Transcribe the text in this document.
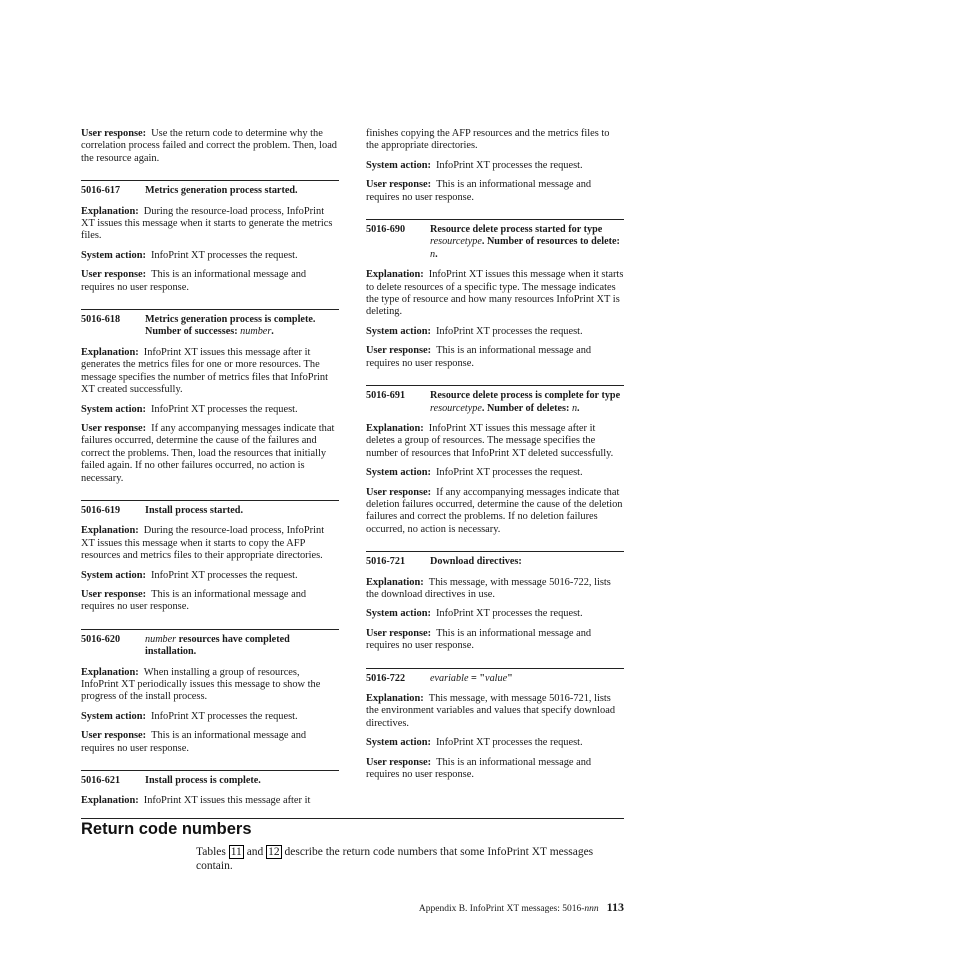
User response: Use the return code to determine why the correlation process failed and correct the problem. Then, load the resource again.

5016-617	Metrics generation process started.

Explanation: During the resource-load process, InfoPrint XT issues this message when it starts to generate the metrics files.

System action: InfoPrint XT processes the request.

User response: This is an informational message and requires no user response.

5016-618	Metrics generation process is complete. Number of successes: number.

Explanation: InfoPrint XT issues this message after it generates the metrics files for one or more resources. The message specifies the number of metrics files that InfoPrint XT created successfully.

System action: InfoPrint XT processes the request.

User response: If any accompanying messages indicate that failures occurred, determine the cause of the failures and correct the problems. Then, load the resources that initially failed again. If no other failures occurred, no action is necessary.

5016-619	Install process started.

Explanation: During the resource-load process, InfoPrint XT issues this message when it starts to copy the AFP resources and metrics files to their appropriate directories.

System action: InfoPrint XT processes the request.

User response: This is an informational message and requires no user response.

5016-620	number resources have completed installation.

Explanation: When installing a group of resources, InfoPrint XT periodically issues this message to show the progress of the install process.

System action: InfoPrint XT processes the request.

User response: This is an informational message and requires no user response.

5016-621	Install process is complete.

Explanation: InfoPrint XT issues this message after it

finishes copying the AFP resources and the metrics files to the appropriate directories.

System action: InfoPrint XT processes the request.

User response: This is an informational message and requires no user response.

5016-690	Resource delete process started for type resourcetype. Number of resources to delete: n.

Explanation: InfoPrint XT issues this message when it starts to delete resources of a specific type. The message indicates the type of resource and how many resources InfoPrint XT is deleting.

System action: InfoPrint XT processes the request.

User response: This is an informational message and requires no user response.

5016-691	Resource delete process is complete for type resourcetype. Number of deletes: n.

Explanation: InfoPrint XT issues this message after it deletes a group of resources. The message specifies the number of resources that InfoPrint XT deleted successfully.

System action: InfoPrint XT processes the request.

User response: If any accompanying messages indicate that deletion failures occurred, determine the cause of the deletion failures and correct the problems. If no deletion failures occurred, no action is necessary.

5016-721	Download directives:

Explanation: This message, with message 5016-722, lists the download directives in use.

System action: InfoPrint XT processes the request.

User response: This is an informational message and requires no user response.

5016-722	evariable = "value"

Explanation: This message, with message 5016-721, lists the environment variables and values that specify download directives.

System action: InfoPrint XT processes the request.

User response: This is an informational message and requires no user response.

Return code numbers

Tables 11 and 12 describe the return code numbers that some InfoPrint XT messages contain.

Appendix B. InfoPrint XT messages: 5016-nnn 113
